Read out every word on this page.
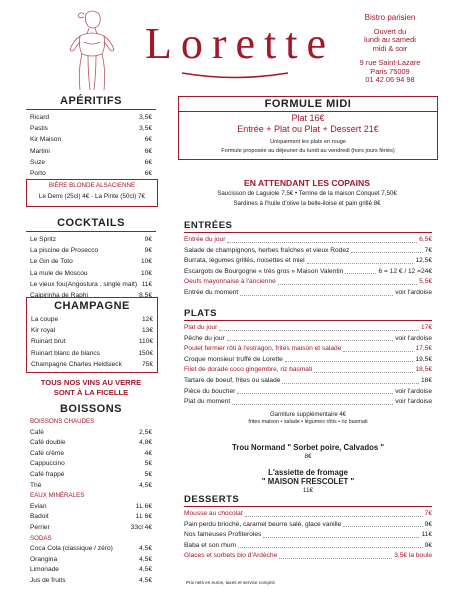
Lorette
Bistro parisien
Ouvert du
lundi au samedi
midi & soir
9 rue Saint-Lazare
Paris 75009
01 42 06 94 98
APÉRITIFS
Ricard	3,5€
Pastis	3,5€
Kir Maison	6€
Martini	6€
Suze	6€
Porto	6€
BIÈRE BLONDE ALSACIENNE
Le Demi (25cl) 4€ · La Pinte (50cl) 7€
COCKTAILS
Le Spritz	9€
La piscine de Prosecco	9€
Le Gin de Toto	10€
La mule de Moscou	10€
Le vieux fou(Angostura , single malt) 11€
Caipirinha de Raphi	8,5€
CHAMPAGNE
La coupe	12€
Kir royal	13€
Ruinart brut	110€
Ruinart blanc de blancs	150€
Champagne Charles Heidsieck	75€
TOUS NOS VINS AU VERRE
SONT À LA FICELLE
BOISSONS
BOISSONS CHAUDES
Café	2,5€
Café double	4,8€
Café crème	4€
Cappuccino	5€
Café frappé	5€
Thé	4,5€
EAUX MINÉRALES
Evian	1L 6€
Badoit	1L 6€
Perrier	33cl 4€
SODAS
Coca Cola (classique / zéro)	4,5€
Orangina	4,5€
Limonade	4,5€
Jus de fruits	4,5€
FORMULE MIDI
Plat 16€
Entrée + Plat ou Plat + Dessert 21€
Uniquement les plats en rouge
Formule proposée au déjeuner du lundi au vendredi (hors jours fériés)
EN ATTENDANT LES COPAINS
Saucisson de Laguiole 7,5€ • Terrine de la maison Conquet 7,50€
Sardines à l'huile d'olive la belle-iloise et pain grillé 8€
ENTRÉES
Entrée du jour	6,5€
Salade de champignons, herbes fraîches et vieux Rodez	7€
Burrata, légumes grillés, noisettes et miel	12,5€
Escargots de Bourgogne « très gros » Maison Valentin	6 = 12 € / 12 =24€
Oeufs mayonnaise à l'ancienne	5,5€
Entrée du moment	voir l'ardoise
PLATS
Plat du jour	17€
Pêche du jour	voir l'ardoise
Poulet fermier rôti à l'estragon, frites maison et salade	17,5€
Croque monsieur truffé de Lorette	19,5€
Filet de dorade coco gingembre, riz basmati	18,5€
Tartare de boeuf, frites ou salade	18€
Pièce du boucher	voir l'ardoise
Plat du moment	voir l'ardoise
Garniture supplémentaire 4€
frites maison • salade • légumes rôtis • riz basmati
Trou Normand " Sorbet poire, Calvados "
8€
L'assiette de fromage
" MAISON FRESCOLET "
11€
DESSERTS
Mousse au chocolat	7€
Pain perdu brioché, caramel beurre salé, glace vanille	9€
Nos fameuses Profiteroles	11€
Baba et son rhum	9€
Glaces et sorbets bio d'Ardèche	3,5€ la boule
Prix nets en euros, taxes et service compris
